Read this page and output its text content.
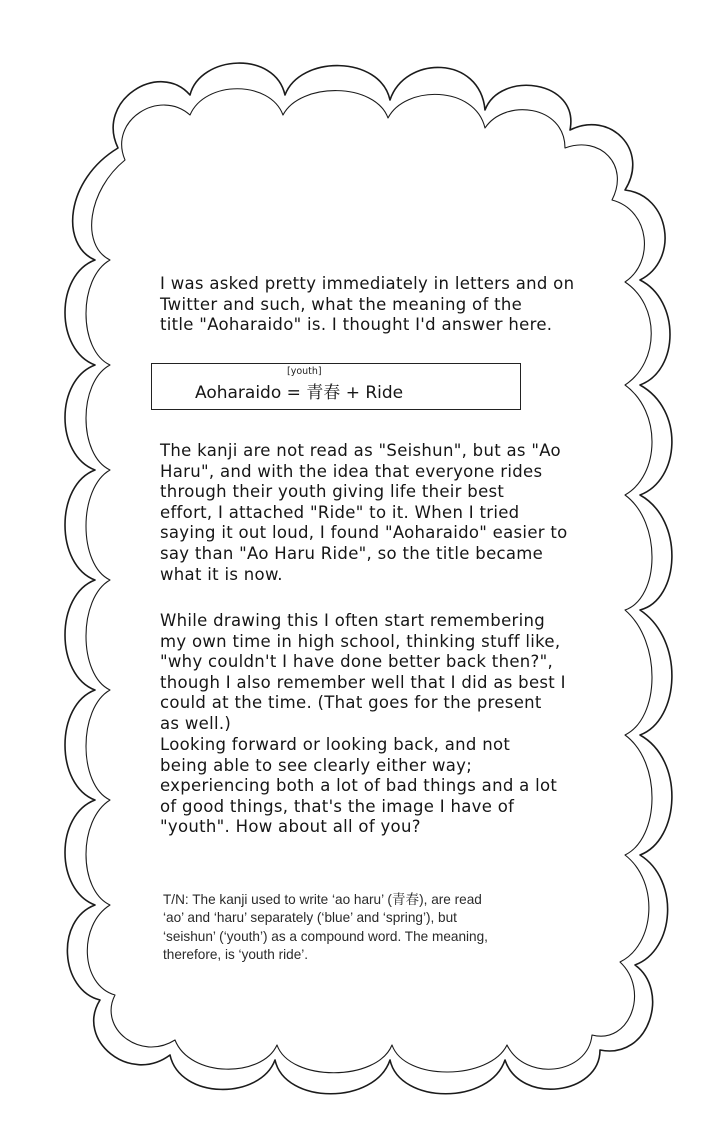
I was asked pretty immediately in letters and on

Twitter and such, what the meaning of the

title "Aoharaido" is. I thought I'd answer here.

[youth]
Aoharaido = 青春 + Ride

The kanji are not read as "Seishun", but as "Ao

Haru", and with the idea that everyone rides

through their youth giving life their best

effort, I attached "Ride" to it. When I tried

saying it out loud, I found "Aoharaido" easier to

say than "Ao Haru Ride", so the title became

what it is now.

While drawing this I often start remembering

my own time in high school, thinking stuff like,

"why couldn't I have done better back then?",

though I also remember well that I did as best I

could at the time. (That goes for the present

as well.)

Looking forward or looking back, and not

being able to see clearly either way;

experiencing both a lot of bad things and a lot

of good things, that's the image I have of

"youth". How about all of you?

T/N: The kanji used to write ‘ao haru’ (青春), are read

‘ao’ and ‘haru’ separately (‘blue’ and ‘spring’), but

‘seishun’ (‘youth’) as a compound word. The meaning,

therefore, is ‘youth ride’.
